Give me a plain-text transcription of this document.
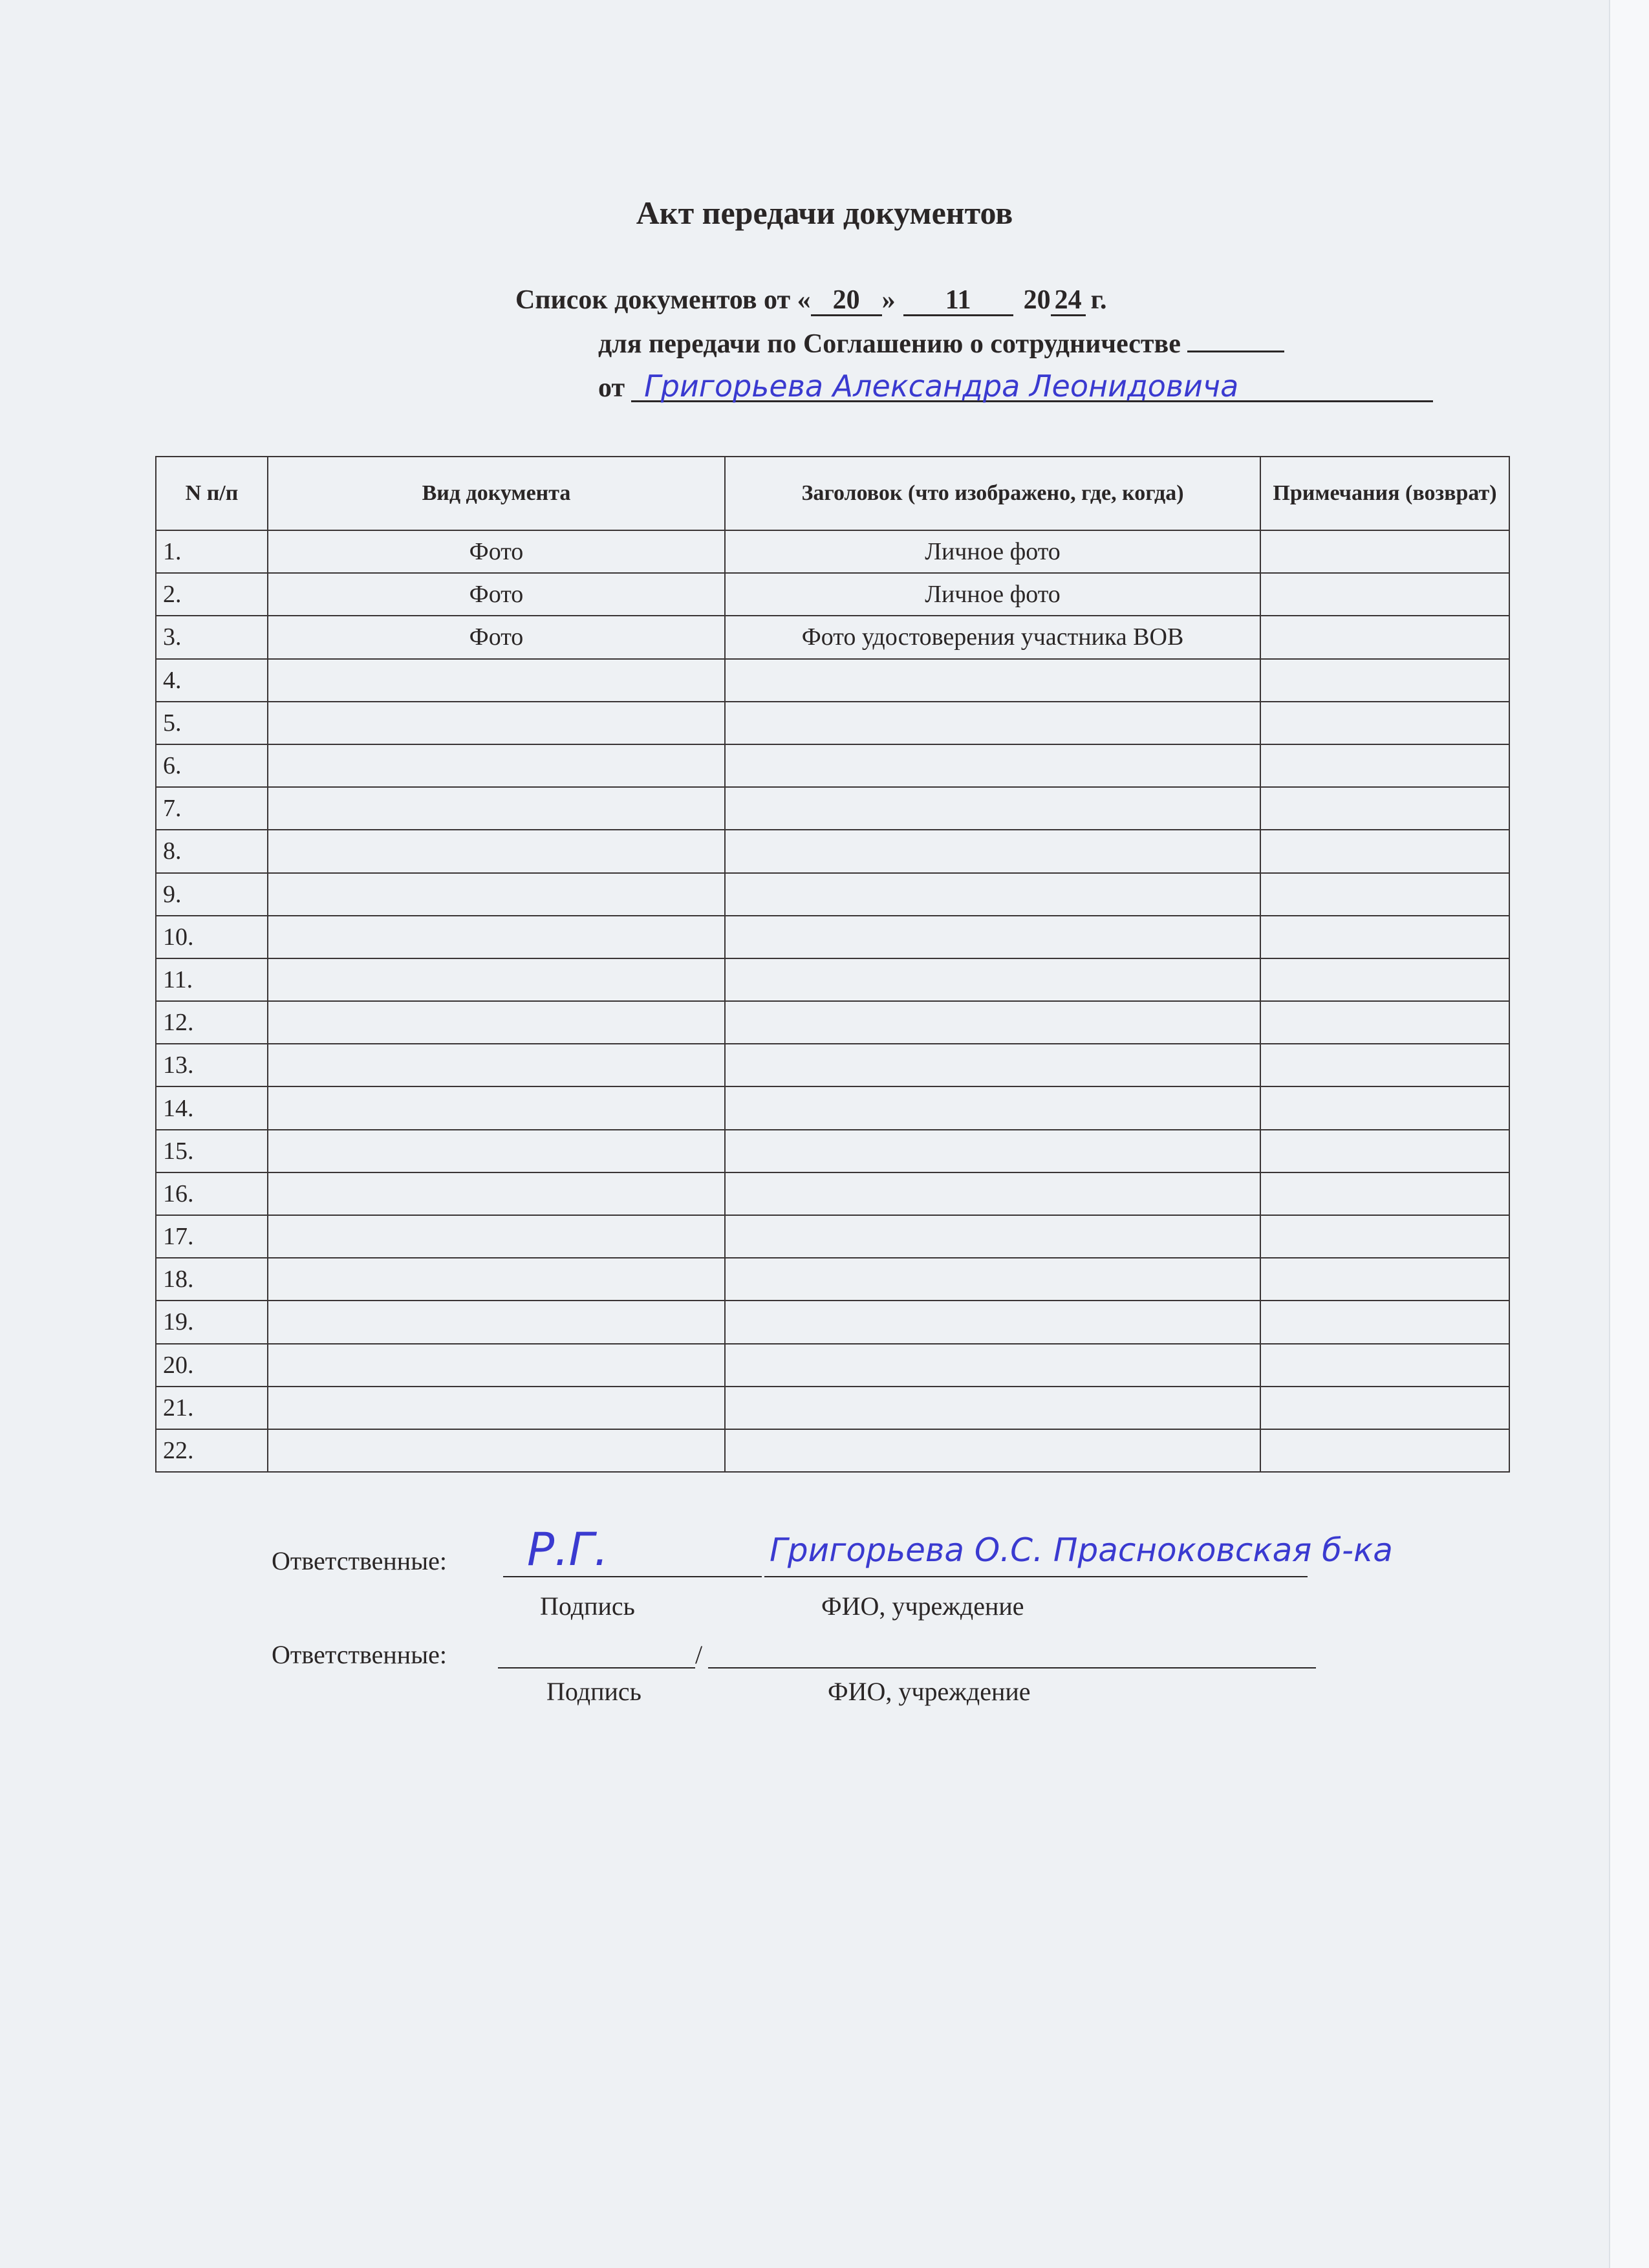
Акт передачи документов
Список документов от « 20 » 11 20 24 г.
для передачи по Соглашению о сотрудничестве
от Григорьева Александра Леонидовича
N п/п	Вид документа	Заголовок (что изображено, где, когда)	Примечания (возврат)
1.	Фото	Личное фото	
2.	Фото	Личное фото	
3.	Фото	Фото удостоверения участника ВОВ	
4.			
5.			
6.			
7.			
8.			
9.			
10.			
11.			
12.			
13.			
14.			
15.			
16.			
17.			
18.			
19.			
20.			
21.			
22.			
Ответственные: Р.Г.	Григорьева О.С. Прасноковская б-ка
Подпись	ФИО, учреждение
Ответственные:	/
Подпись	ФИО, учреждение
